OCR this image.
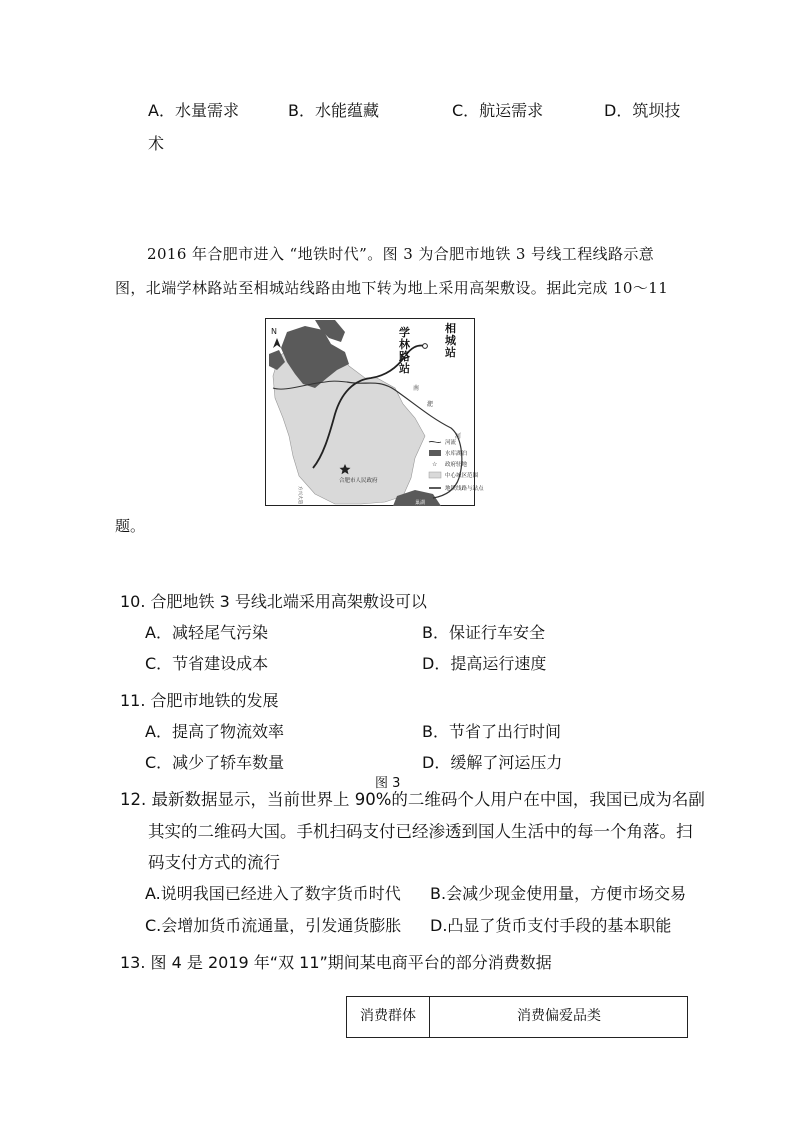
A．水量需求	B．水能蕴藏	C．航运需求	D．筑坝技
术
2016 年合肥市进入 “地铁时代”。图 3 为合肥市地铁 3 号线工程线路示意
图，北端学林路站至相城站线路由地下转为地上采用高架敷设。据此完成 10～11
N	学
林
路
站
相
城
站
南
淝
河
合肥市人民政府
巢湖
方兴大道
河流
水库湖泊
☆ 政府驻地
中心城区范围
地铁线路与站点
题。
10. 合肥地铁 3 号线北端采用高架敷设可以
A．减轻尾气污染	B．保证行车安全
C．节省建设成本	D．提高运行速度
11. 合肥市地铁的发展
A．提高了物流效率	B．节省了出行时间
C．减少了轿车数量	D．缓解了河运压力
图 3
12. 最新数据显示，当前世界上 90%的二维码个人用户在中国，我国已成为名副
其实的二维码大国。手机扫码支付已经渗透到国人生活中的每一个角落。扫
码支付方式的流行
A.说明我国已经进入了数字货币时代 B.会减少现金使用量，方便市场交易
C.会增加货币流通量，引发通货膨胀 D.凸显了货币支付手段的基本职能
13. 图 4 是 2019 年“双 11”期间某电商平台的部分消费数据
消费群体	消费偏爱品类
